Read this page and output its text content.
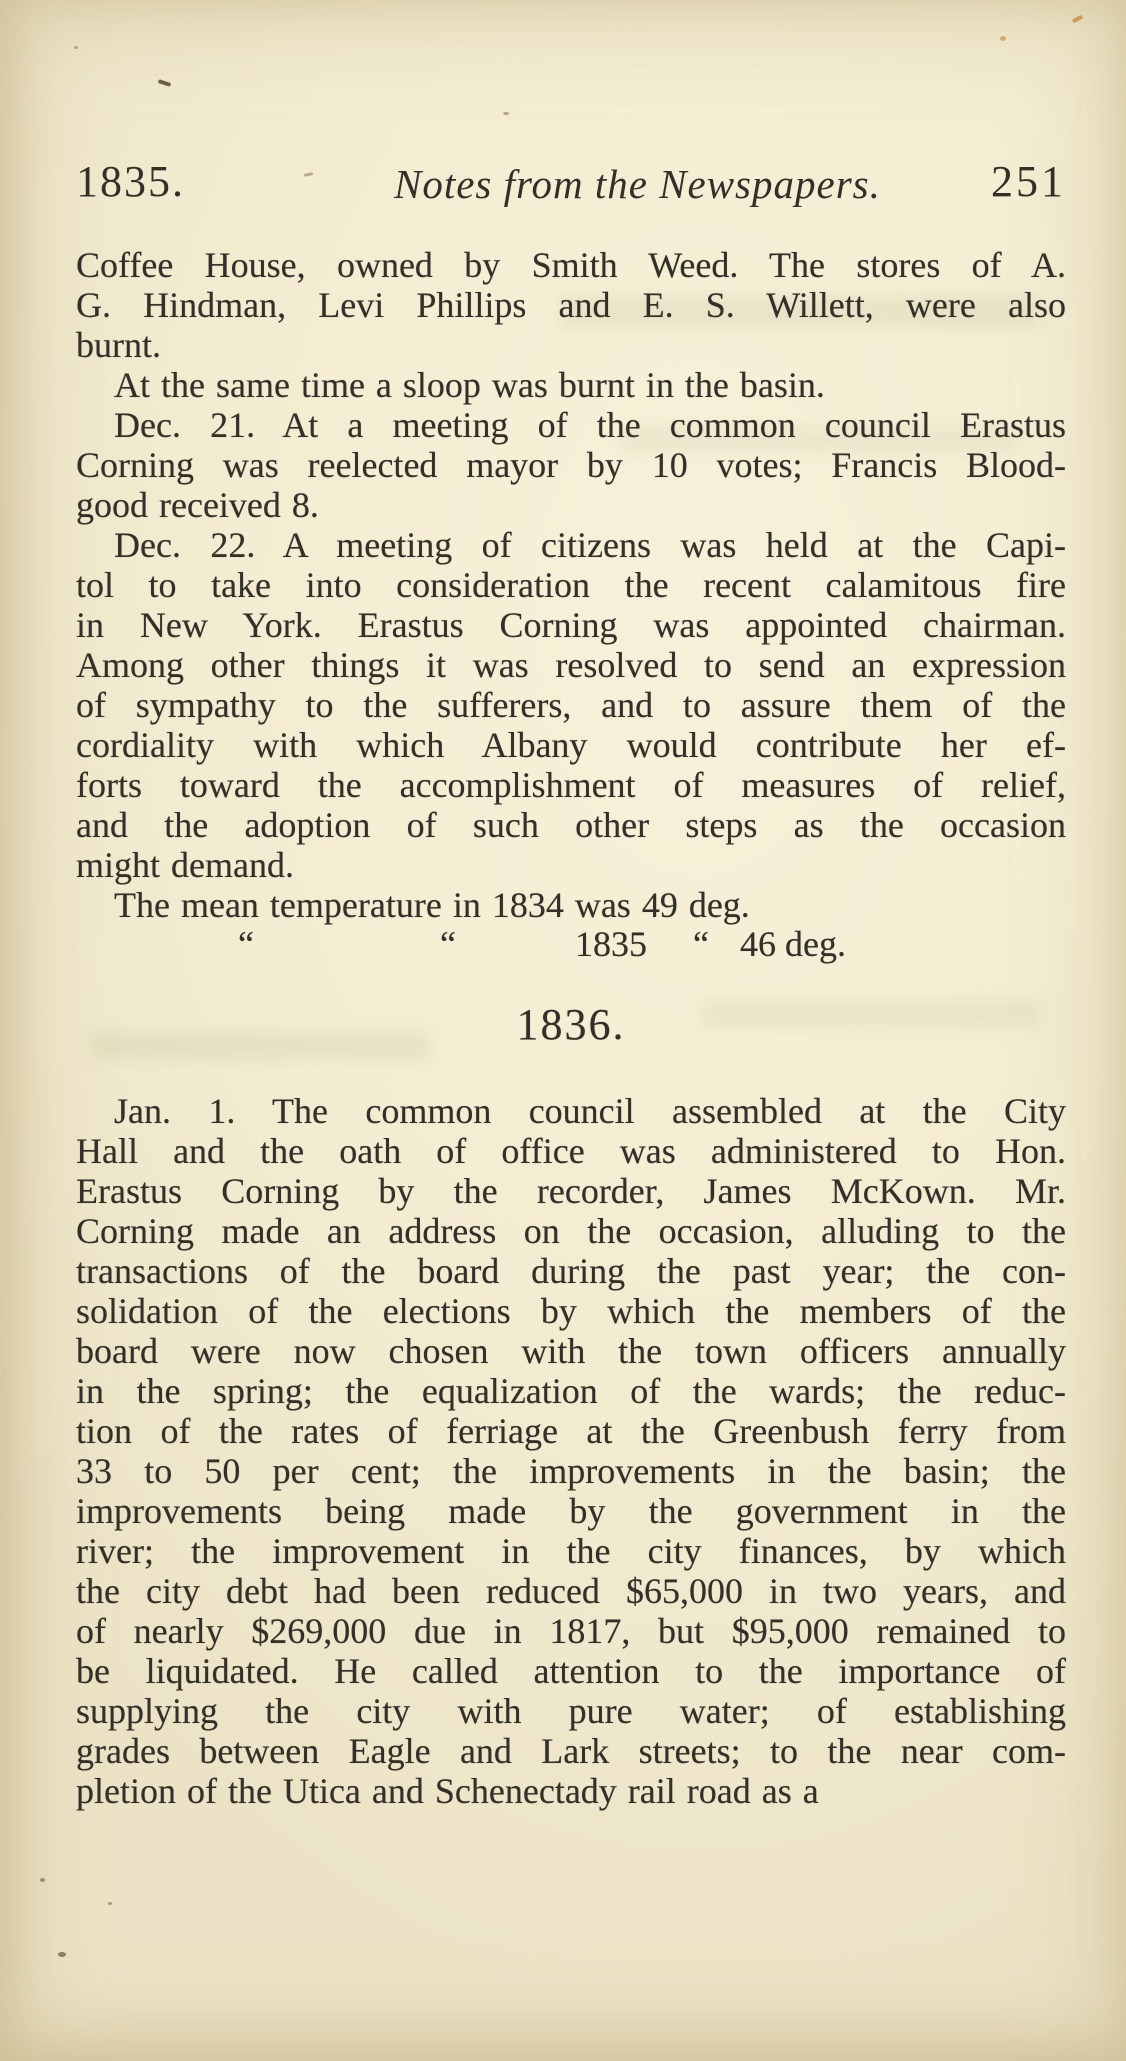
1835.	Notes from the Newspapers.	251
Coffee House, owned by Smith Weed. The stores of A.
G. Hindman, Levi Phillips and E. S. Willett, were also
burnt.
At the same time a sloop was burnt in the basin.
Dec. 21. At a meeting of the common council Erastus
Corning was reelected mayor by 10 votes; Francis Blood-
good received 8.
Dec. 22. A meeting of citizens was held at the Capi-
tol to take into consideration the recent calamitous fire
in New York. Erastus Corning was appointed chairman.
Among other things it was resolved to send an expression
of sympathy to the sufferers, and to assure them of the
cordiality with which Albany would contribute her ef-
forts toward the accomplishment of measures of relief,
and the adoption of such other steps as the occasion
might demand.
The mean temperature in 1834 was 49 deg.
“	“	1835 “ 46 deg.
1836.
Jan. 1. The common council assembled at the City
Hall and the oath of office was administered to Hon.
Erastus Corning by the recorder, James McKown. Mr.
Corning made an address on the occasion, alluding to the
transactions of the board during the past year; the con-
solidation of the elections by which the members of the
board were now chosen with the town officers annually
in the spring; the equalization of the wards; the reduc-
tion of the rates of ferriage at the Greenbush ferry from
33 to 50 per cent; the improvements in the basin; the
improvements being made by the government in the
river; the improvement in the city finances, by which
the city debt had been reduced $65,000 in two years, and
of nearly $269,000 due in 1817, but $95,000 remained to
be liquidated. He called attention to the importance of
supplying the city with pure water; of establishing
grades between Eagle and Lark streets; to the near com-
pletion of the Utica and Schenectady rail road as a
